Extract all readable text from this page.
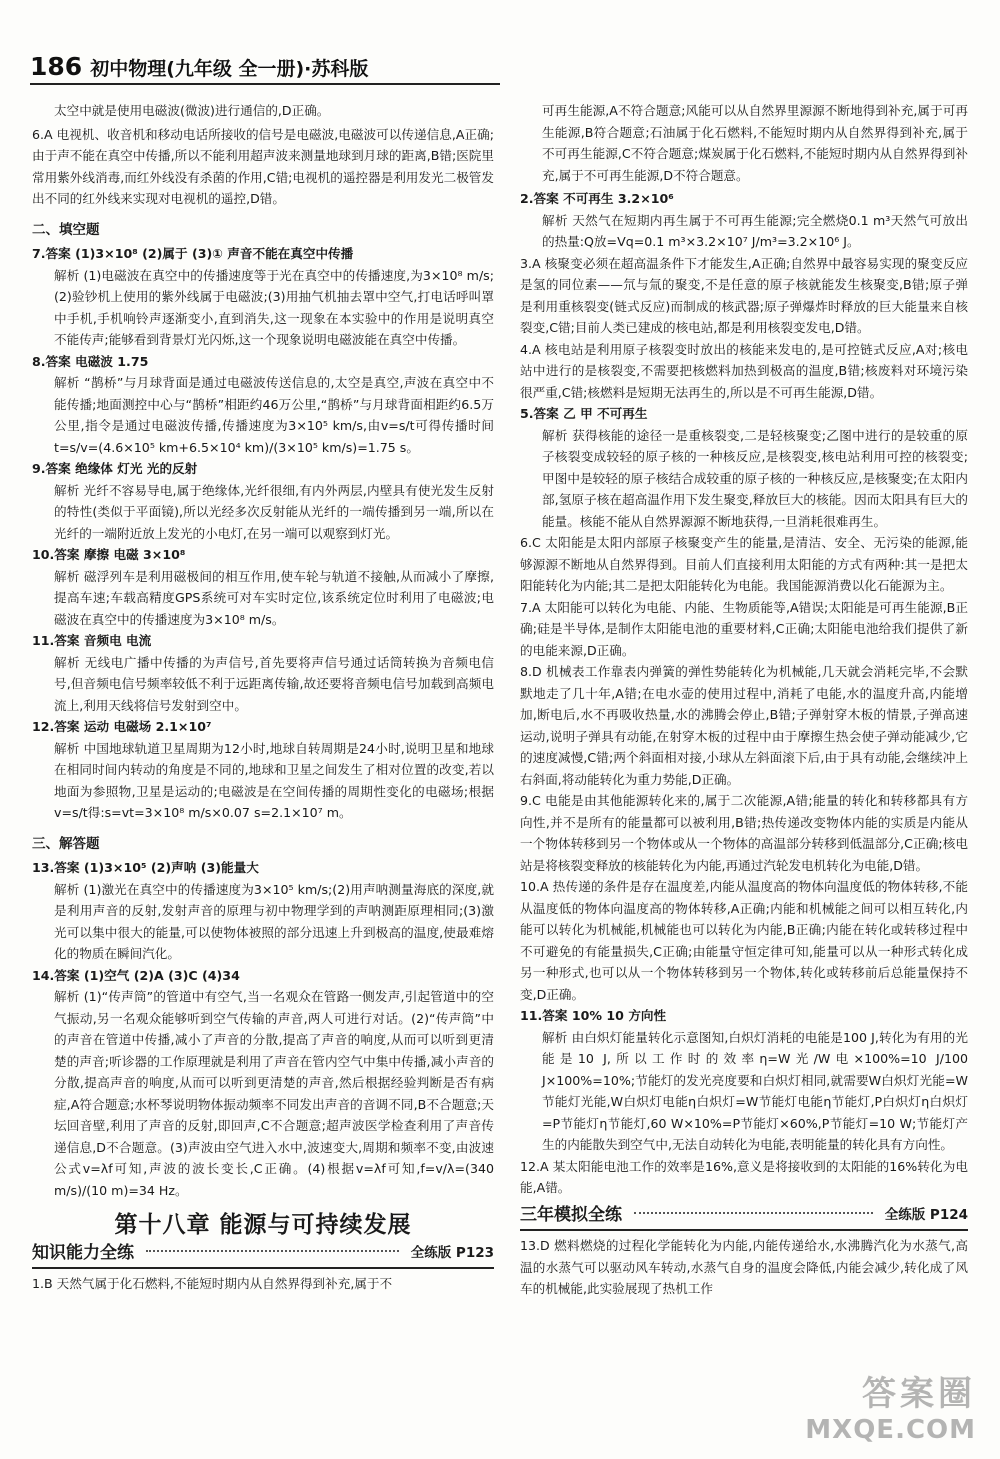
186 初中物理(九年级 全一册)·苏科版

太空中就是使用电磁波(微波)进行通信的,D正确。

6.A 电视机、收音机和移动电话所接收的信号是电磁波,电磁波可以传递信息,A正确;由于声不能在真空中传播,所以不能利用超声波来测量地球到月球的距离,B错;医院里常用紫外线消毒,而红外线没有杀菌的作用,C错;电视机的遥控器是利用发光二极管发出不同的红外线来实现对电视机的遥控,D错。

二、填空题

7.答案 (1)3×10⁸ (2)属于 (3)① 声音不能在真空中传播

解析 (1)电磁波在真空中的传播速度等于光在真空中的传播速度,为3×10⁸ m/s;(2)验钞机上使用的紫外线属于电磁波;(3)用抽气机抽去罩中空气,打电话呼叫罩中手机,手机响铃声逐渐变小,直到消失,这一现象在本实验中的作用是说明真空不能传声;能够看到背景灯光闪烁,这一个现象说明电磁波能在真空中传播。

8.答案 电磁波 1.75

解析 “鹊桥”与月球背面是通过电磁波传送信息的,太空是真空,声波在真空中不能传播;地面测控中心与“鹊桥”相距约46万公里,“鹊桥”与月球背面相距约6.5万公里,指令是通过电磁波传播,传播速度为3×10⁵ km/s,由v=s/t可得传播时间t=s/v=(4.6×10⁵ km+6.5×10⁴ km)/(3×10⁵ km/s)=1.75 s。

9.答案 绝缘体 灯光 光的反射

解析 光纤不容易导电,属于绝缘体,光纤很细,有内外两层,内壁具有使光发生反射的特性(类似于平面镜),所以光经多次反射能从光纤的一端传播到另一端,所以在光纤的一端附近放上发光的小电灯,在另一端可以观察到灯光。

10.答案 摩擦 电磁 3×10⁸

解析 磁浮列车是利用磁极间的相互作用,使车轮与轨道不接触,从而减小了摩擦,提高车速;车载高精度GPS系统可对车实时定位,该系统定位时利用了电磁波;电磁波在真空中的传播速度为3×10⁸ m/s。

11.答案 音频电 电流

解析 无线电广播中传播的为声信号,首先要将声信号通过话筒转换为音频电信号,但音频电信号频率较低不利于远距离传输,故还要将音频电信号加载到高频电流上,利用天线将信号发射到空中。

12.答案 运动 电磁场 2.1×10⁷

解析 中国地球轨道卫星周期为12小时,地球自转周期是24小时,说明卫星和地球在相同时间内转动的角度是不同的,地球和卫星之间发生了相对位置的改变,若以地面为参照物,卫星是运动的;电磁波是在空间传播的周期性变化的电磁场;根据v=s/t得:s=vt=3×10⁸ m/s×0.07 s=2.1×10⁷ m。

三、解答题

13.答案 (1)3×10⁵ (2)声呐 (3)能量大

解析 (1)激光在真空中的传播速度为3×10⁵ km/s;(2)用声呐测量海底的深度,就是利用声音的反射,发射声音的原理与初中物理学到的声呐测距原理相同;(3)激光可以集中很大的能量,可以使物体被照的部分迅速上升到极高的温度,使最难熔化的物质在瞬间汽化。

14.答案 (1)空气 (2)A (3)C (4)34

解析 (1)“传声筒”的管道中有空气,当一名观众在管路一侧发声,引起管道中的空气振动,另一名观众能够听到空气传输的声音,两人可进行对话。(2)“传声筒”中的声音在管道中传播,减小了声音的分散,提高了声音的响度,从而可以听到更清楚的声音;听诊器的工作原理就是利用了声音在管内空气中集中传播,减小声音的分散,提高声音的响度,从而可以听到更清楚的声音,然后根据经验判断是否有病症,A符合题意;水杯琴说明物体振动频率不同发出声音的音调不同,B不合题意;天坛回音壁,利用了声音的反射,即回声,C不合题意;超声波医学检查利用了声音传递信息,D不合题意。(3)声波由空气进入水中,波速变大,周期和频率不变,由波速公式v=λf可知,声波的波长变长,C正确。(4)根据v=λf可知,f=v/λ=(340 m/s)/(10 m)=34 Hz。

第十八章 能源与可持续发展
知识能力全练	全练版 P123

1.B 天然气属于化石燃料,不能短时期内从自然界得到补充,属于不

可再生能源,A不符合题意;风能可以从自然界里源源不断地得到补充,属于可再生能源,B符合题意;石油属于化石燃料,不能短时期内从自然界得到补充,属于不可再生能源,C不符合题意;煤炭属于化石燃料,不能短时期内从自然界得到补充,属于不可再生能源,D不符合题意。

2.答案 不可再生 3.2×10⁶

解析 天然气在短期内再生属于不可再生能源;完全燃烧0.1 m³天然气可放出的热量:Q放=Vq=0.1 m³×3.2×10⁷ J/m³=3.2×10⁶ J。

3.A 核聚变必须在超高温条件下才能发生,A正确;自然界中最容易实现的聚变反应是氢的同位素——氘与氚的聚变,不是任意的原子核就能发生核聚变,B错;原子弹是利用重核裂变(链式反应)而制成的核武器;原子弹爆炸时释放的巨大能量来自核裂变,C错;目前人类已建成的核电站,都是利用核裂变发电,D错。

4.A 核电站是利用原子核裂变时放出的核能来发电的,是可控链式反应,A对;核电站中进行的是核裂变,不需要把核燃料加热到极高的温度,B错;核废料对环境污染很严重,C错;核燃料是短期无法再生的,所以是不可再生能源,D错。

5.答案 乙 甲 不可再生

解析 获得核能的途径一是重核裂变,二是轻核聚变;乙图中进行的是较重的原子核裂变成较轻的原子核的一种核反应,是核裂变,核电站利用可控的核裂变;甲图中是较轻的原子核结合成较重的原子核的一种核反应,是核聚变;在太阳内部,氢原子核在超高温作用下发生聚变,释放巨大的核能。因而太阳具有巨大的能量。核能不能从自然界源源不断地获得,一旦消耗很难再生。

6.C 太阳能是太阳内部原子核聚变产生的能量,是清洁、安全、无污染的能源,能够源源不断地从自然界得到。目前人们直接利用太阳能的方式有两种:其一是把太阳能转化为内能;其二是把太阳能转化为电能。我国能源消费以化石能源为主。

7.A 太阳能可以转化为电能、内能、生物质能等,A错误;太阳能是可再生能源,B正确;硅是半导体,是制作太阳能电池的重要材料,C正确;太阳能电池给我们提供了新的电能来源,D正确。

8.D 机械表工作靠表内弹簧的弹性势能转化为机械能,几天就会消耗完毕,不会默默地走了几十年,A错;在电水壶的使用过程中,消耗了电能,水的温度升高,内能增加,断电后,水不再吸收热量,水的沸腾会停止,B错;子弹射穿木板的情景,子弹高速运动,说明子弹具有动能,在射穿木板的过程中由于摩擦生热会使子弹动能减少,它的速度减慢,C错;两个斜面相对接,小球从左斜面滚下后,由于具有动能,会继续冲上右斜面,将动能转化为重力势能,D正确。

9.C 电能是由其他能源转化来的,属于二次能源,A错;能量的转化和转移都具有方向性,并不是所有的能量都可以被利用,B错;热传递改变物体内能的实质是内能从一个物体转移到另一个物体或从一个物体的高温部分转移到低温部分,C正确;核电站是将核裂变释放的核能转化为内能,再通过汽轮发电机转化为电能,D错。

10.A 热传递的条件是存在温度差,内能从温度高的物体向温度低的物体转移,不能从温度低的物体向温度高的物体转移,A正确;内能和机械能之间可以相互转化,内能可以转化为机械能,机械能也可以转化为内能,B正确;内能在转化或转移过程中不可避免的有能量损失,C正确;由能量守恒定律可知,能量可以从一种形式转化成另一种形式,也可以从一个物体转移到另一个物体,转化或转移前后总能量保持不变,D正确。

11.答案 10% 10 方向性

解析 由白炽灯能量转化示意图知,白炽灯消耗的电能是100 J,转化为有用的光能是10 J,所以工作时的效率η=W光/W电×100%=10 J/100 J×100%=10%;节能灯的发光亮度要和白炽灯相同,就需要W白炽灯光能=W节能灯光能,W白炽灯电能η白炽灯=W节能灯电能η节能灯,P白炽灯η白炽灯=P节能灯η节能灯,60 W×10%=P节能灯×60%,P节能灯=10 W;节能灯产生的内能散失到空气中,无法自动转化为电能,表明能量的转化具有方向性。

12.A 某太阳能电池工作的效率是16%,意义是将接收到的太阳能的16%转化为电能,A错。

三年模拟全练	全练版 P124

13.D 燃料燃烧的过程化学能转化为内能,内能传递给水,水沸腾汽化为水蒸气,高温的水蒸气可以驱动风车转动,水蒸气自身的温度会降低,内能会减少,转化成了风车的机械能,此实验展现了热机工作

答案圈
MXQE.COM
